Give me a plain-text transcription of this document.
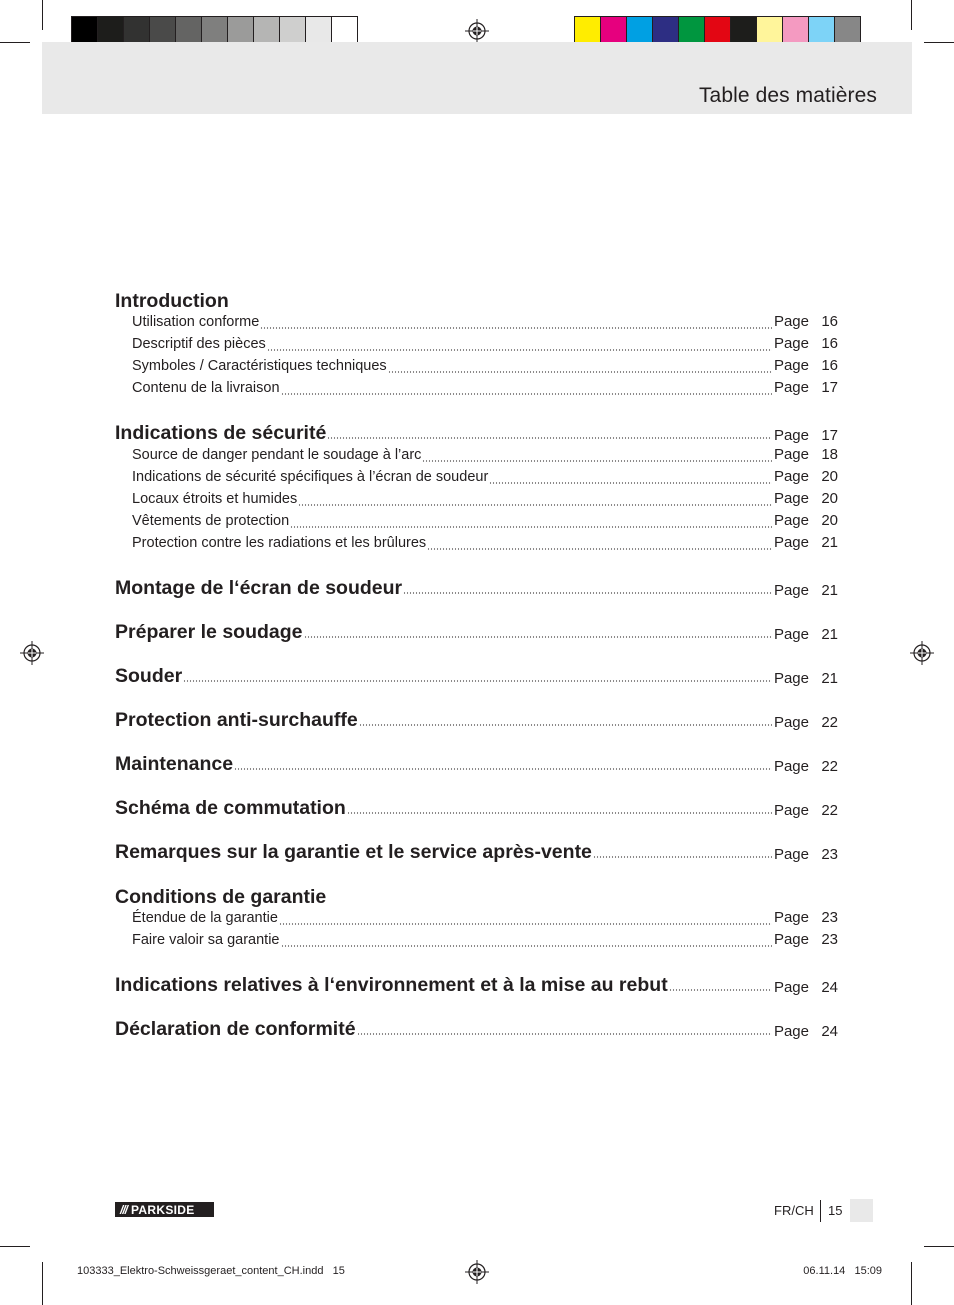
Table des matières
Introduction
Utilisation conforme	Page 16
Descriptif des pièces	Page 16
Symboles / Caractéristiques techniques	Page 16
Contenu de la livraison	Page 17
Indications de sécurité	Page 17
Source de danger pendant le soudage à l’arc	Page 18
Indications de sécurité spécifiques à l’écran de soudeur	Page 20
Locaux étroits et humides	Page 20
Vêtements de protection	Page 20
Protection contre les radiations et les brûlures	Page 21
Montage de l‘écran de soudeur	Page 21
Préparer le soudage	Page 21
Souder	Page 21
Protection anti-surchauffe	Page 22
Maintenance	Page 22
Schéma de commutation	Page 22
Remarques sur la garantie et le service après-vente	Page 23
Conditions de garantie
Étendue de la garantie	Page 23
Faire valoir sa garantie	Page 23
Indications relatives à l‘environnement et à la mise au rebut	Page 24
Déclaration de conformité	Page 24
/// PARKSIDE	FR/CH 15
103333_Elektro-Schweissgeraet_content_CH.indd   15	06.11.14   15:09
